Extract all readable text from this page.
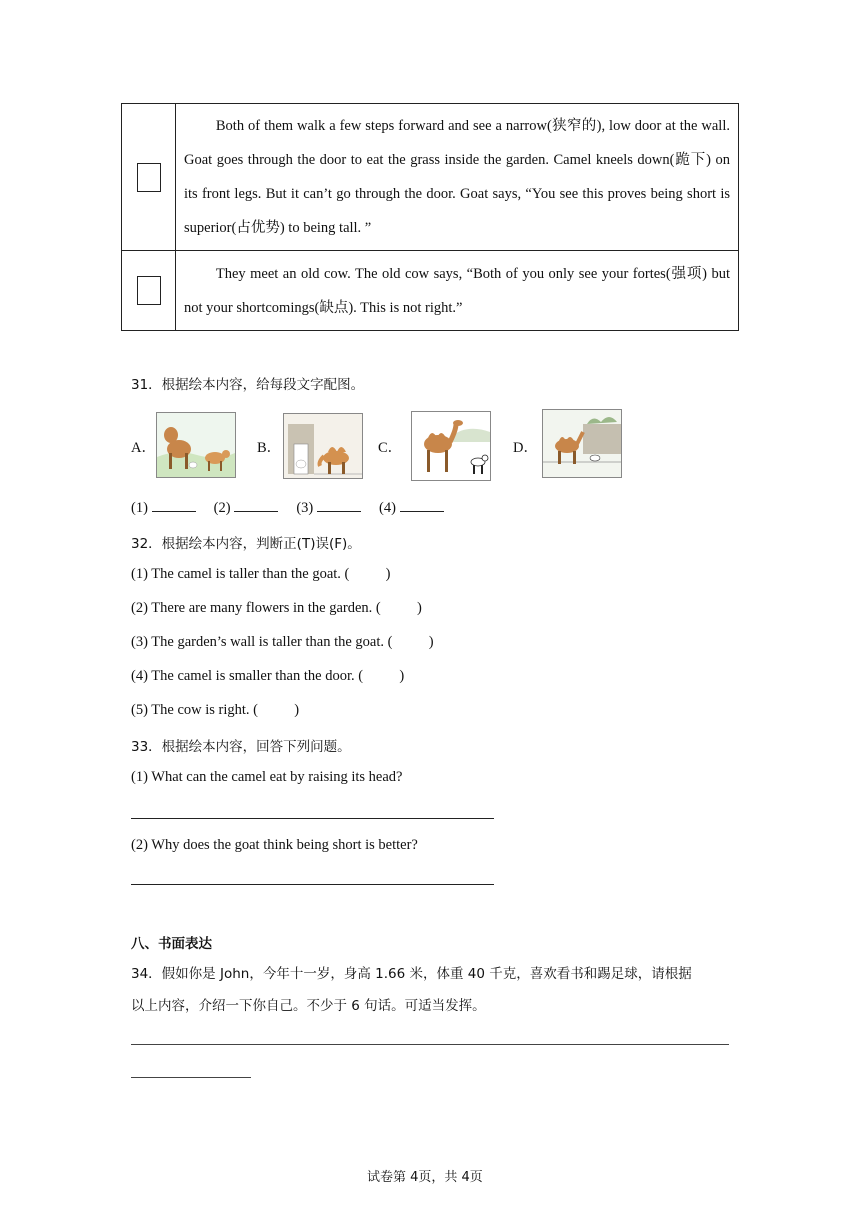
	Both of them walk a few steps forward and see a narrow(狭窄的), low door at the wall. Goat goes through the door to eat the grass inside the garden. Camel kneels down(跪下) on its front legs. But it can’t go through the door. Goat says, “You see this proves being short is superior(占优势) to being tall. ”

	They meet an old cow. The old cow says, “Both of you only see your fortes(强项) but not your shortcomings(缺点). This is not right.”
31．根据绘本内容，给每段文字配图。
A．	B．	C．	D．
(1)	(2)	(3)	(4)
32．根据绘本内容，判断正(T)误(F)。
(1) The camel is taller than the goat. (          )
(2) There are many flowers in the garden. (          )
(3) The garden’s wall is taller than the goat. (          )
(4) The camel is smaller than the door. (          )
(5) The cow is right. (          )
33．根据绘本内容，回答下列问题。
(1) What can the camel eat by raising its head?
(2) Why does the goat think being short is better?
八、书面表达
34．假如你是 John，今年十一岁，身高 1.66 米，体重 40 千克，喜欢看书和踢足球，请根据
以上内容，介绍一下你自己。不少于 6 句话。可适当发挥。
试卷第 4页，共 4页
